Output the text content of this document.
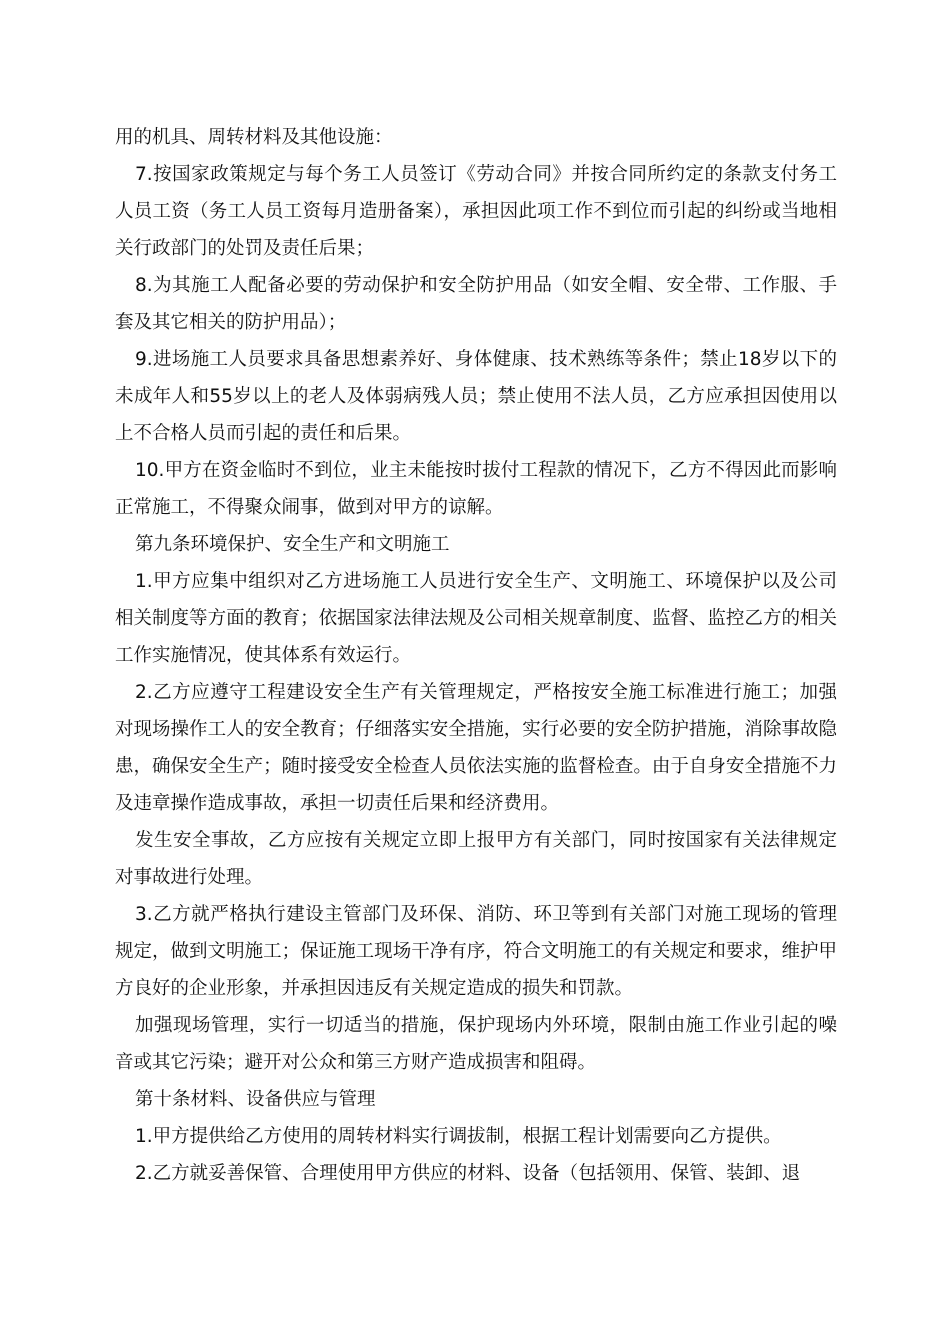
用的机具、周转材料及其他设施：

7.按国家政策规定与每个务工人员签订《劳动合同》并按合同所约定的条款支付务工人员工资（务工人员工资每月造册备案），承担因此项工作不到位而引起的纠纷或当地相关行政部门的处罚及责任后果；

8.为其施工人配备必要的劳动保护和安全防护用品（如安全帽、安全带、工作服、手套及其它相关的防护用品）；

9.进场施工人员要求具备思想素养好、身体健康、技术熟练等条件；禁止18岁以下的未成年人和55岁以上的老人及体弱病残人员；禁止使用不法人员，乙方应承担因使用以上不合格人员而引起的责任和后果。

10.甲方在资金临时不到位，业主未能按时拔付工程款的情况下，乙方不得因此而影响正常施工，不得聚众闹事，做到对甲方的谅解。

第九条环境保护、安全生产和文明施工

1.甲方应集中组织对乙方进场施工人员进行安全生产、文明施工、环境保护以及公司相关制度等方面的教育；依据国家法律法规及公司相关规章制度、监督、监控乙方的相关工作实施情况，使其体系有效运行。

2.乙方应遵守工程建设安全生产有关管理规定，严格按安全施工标准进行施工；加强对现场操作工人的安全教育；仔细落实安全措施，实行必要的安全防护措施，消除事故隐患，确保安全生产；随时接受安全检查人员依法实施的监督检查。由于自身安全措施不力及违章操作造成事故，承担一切责任后果和经济费用。

发生安全事故，乙方应按有关规定立即上报甲方有关部门，同时按国家有关法律规定对事故进行处理。

3.乙方就严格执行建设主管部门及环保、消防、环卫等到有关部门对施工现场的管理规定，做到文明施工；保证施工现场干净有序，符合文明施工的有关规定和要求，维护甲方良好的企业形象，并承担因违反有关规定造成的损失和罚款。

加强现场管理，实行一切适当的措施，保护现场内外环境，限制由施工作业引起的噪音或其它污染；避开对公众和第三方财产造成损害和阻碍。

第十条材料、设备供应与管理

1.甲方提供给乙方使用的周转材料实行调拔制，根据工程计划需要向乙方提供。

2.乙方就妥善保管、合理使用甲方供应的材料、设备（包括领用、保管、装卸、退
